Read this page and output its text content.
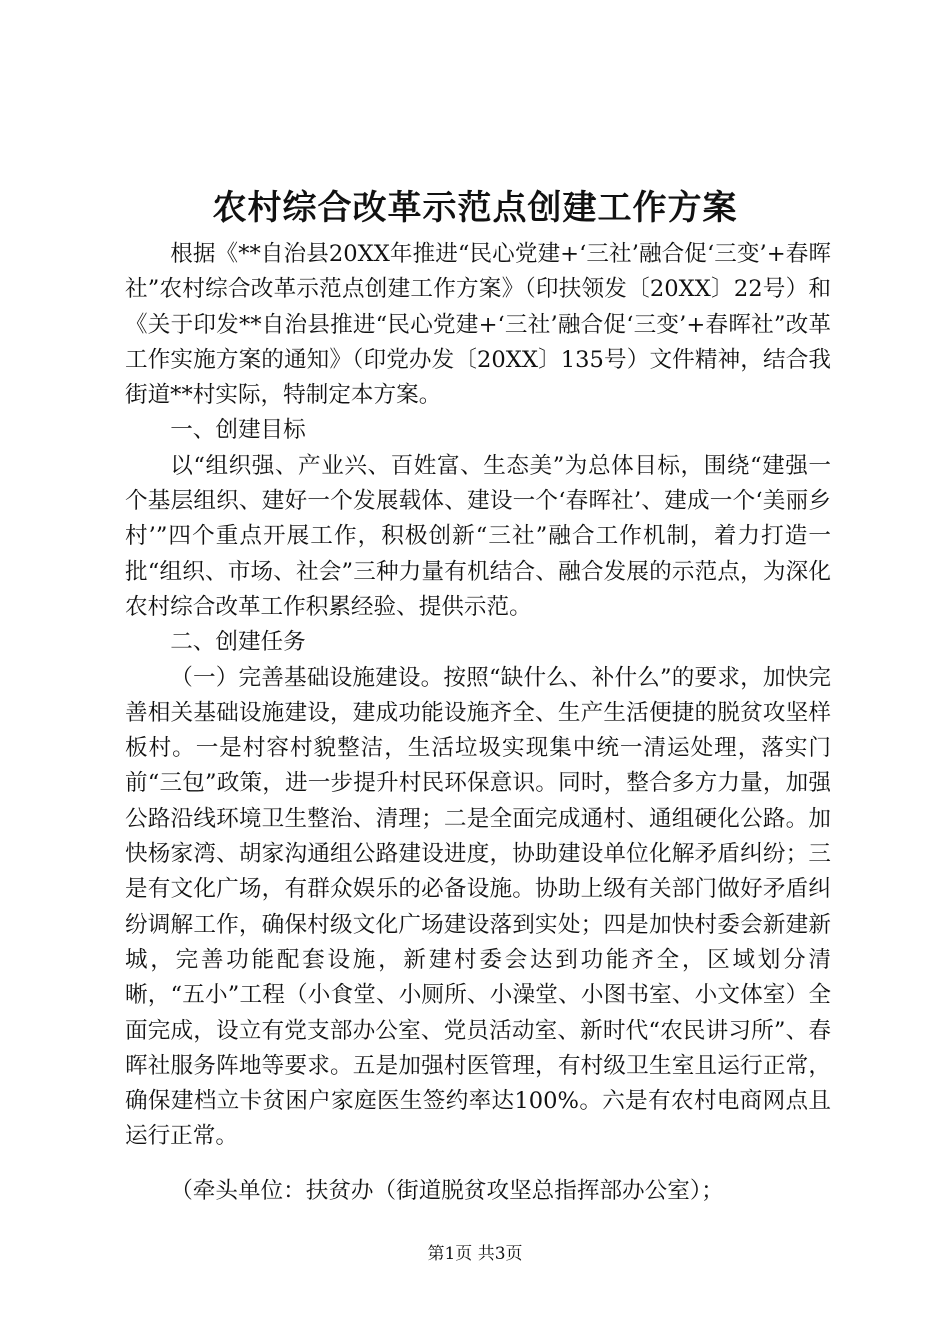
农村综合改革示范点创建工作方案

根据《**自治县20XX年推进“民心党建+‘三社’融合促‘三变’+春晖社”农村综合改革示范点创建工作方案》（印扶领发〔20XX〕22号）和《关于印发**自治县推进“民心党建+‘三社’融合促‘三变’+春晖社”改革工作实施方案的通知》（印党办发〔20XX〕135号）文件精神，结合我街道**村实际，特制定本方案。

一、创建目标

以“组织强、产业兴、百姓富、生态美”为总体目标，围绕“建强一个基层组织、建好一个发展载体、建设一个‘春晖社’、建成一个‘美丽乡村’”四个重点开展工作，积极创新“三社”融合工作机制，着力打造一批“组织、市场、社会”三种力量有机结合、融合发展的示范点，为深化农村综合改革工作积累经验、提供示范。

二、创建任务

（一）完善基础设施建设。按照“缺什么、补什么”的要求，加快完善相关基础设施建设，建成功能设施齐全、生产生活便捷的脱贫攻坚样板村。一是村容村貌整洁，生活垃圾实现集中统一清运处理，落实门前“三包”政策，进一步提升村民环保意识。同时，整合多方力量，加强公路沿线环境卫生整治、清理；二是全面完成通村、通组硬化公路。加快杨家湾、胡家沟通组公路建设进度，协助建设单位化解矛盾纠纷；三是有文化广场，有群众娱乐的必备设施。协助上级有关部门做好矛盾纠纷调解工作，确保村级文化广场建设落到实处；四是加快村委会新建新城，完善功能配套设施，新建村委会达到功能齐全，区域划分清晰，“五小”工程（小食堂、小厕所、小澡堂、小图书室、小文体室）全面完成，设立有党支部办公室、党员活动室、新时代“农民讲习所”、春晖社服务阵地等要求。五是加强村医管理，有村级卫生室且运行正常，确保建档立卡贫困户家庭医生签约率达100%。六是有农村电商网点且运行正常。

（牵头单位：扶贫办（街道脱贫攻坚总指挥部办公室）；

第1页 共3页
